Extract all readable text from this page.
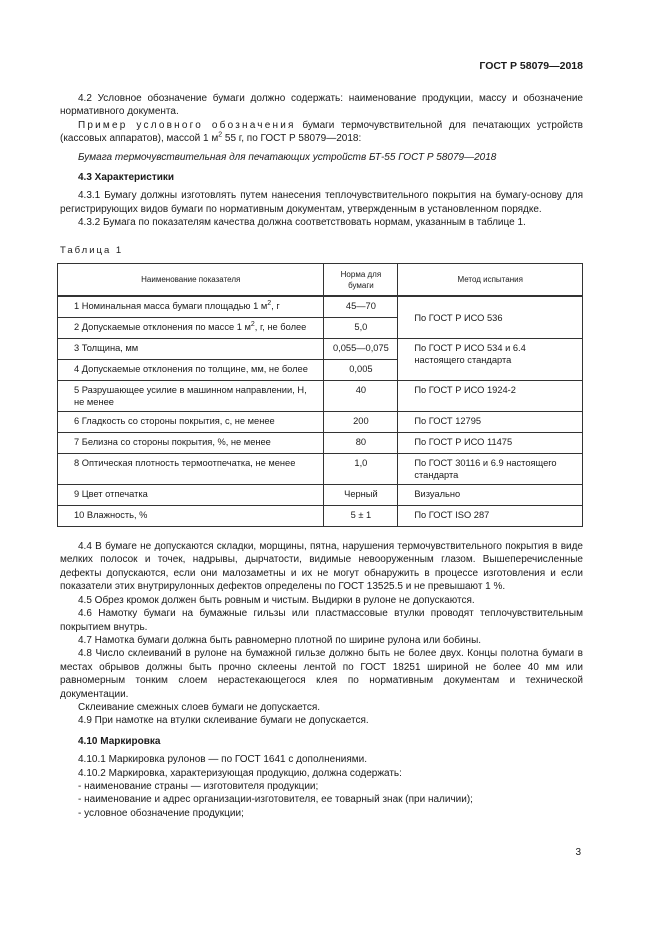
ГОСТ Р 58079—2018

4.2 Условное обозначение бумаги должно содержать: наименование продукции, массу и обозначение нормативного документа.

Пример условного обозначения бумаги термочувствительной для печатающих устройств (кассовых аппаратов), массой 1 $м^2$ 55 г, по ГОСТ Р 58079—2018:

Бумага термочувствительная для печатающих устройств БТ-55 ГОСТ Р 58079—2018

4.3 Характеристики

4.3.1 Бумагу должны изготовлять путем нанесения теплочувствительного покрытия на бумагу-основу для регистрирующих видов бумаги по нормативным документам, утвержденным в установленном порядке.

4.3.2 Бумага по показателям качества должна соответствовать нормам, указанным в таблице 1.

Таблица 1
Наименование показателя	Норма для бумаги	Метод испытания
1 Номинальная масса бумаги площадью 1 $м^2$, г	45—70	По ГОСТ Р ИСО 536
2 Допускаемые отклонения по массе 1 $м^2$, г, не более	5,0	
3 Толщина, мм	0,055—0,075	По ГОСТ Р ИСО 534 и 6.4 настоящего стандарта
4 Допускаемые отклонения по толщине, мм, не более	0,005	
5 Разрушающее усилие в машинном направлении, Н, не менее	40	По ГОСТ Р ИСО 1924-2
6 Гладкость со стороны покрытия, с, не менее	200	По ГОСТ 12795
7 Белизна со стороны покрытия, %, не менее	80	По ГОСТ Р ИСО 11475
8 Оптическая плотность термоотпечатка, не менее	1,0	По ГОСТ 30116 и 6.9 настоящего стандарта
9 Цвет отпечатка	Черный	Визуально
10 Влажность, %	5 ± 1	По ГОСТ ISO 287

4.4 В бумаге не допускаются складки, морщины, пятна, нарушения термочувствительного покрытия в виде мелких полосок и точек, надрывы, дырчатости, видимые невооруженным глазом. Вышеперечисленные дефекты допускаются, если они малозаметны и их не могут обнаружить в процессе изготовления и если показатели этих внутрирулонных дефектов определены по ГОСТ 13525.5 и не превышают 1 %.

4.5 Обрез кромок должен быть ровным и чистым. Выдирки в рулоне не допускаются.

4.6 Намотку бумаги на бумажные гильзы или пластмассовые втулки проводят теплочувствительным покрытием внутрь.

4.7 Намотка бумаги должна быть равномерно плотной по ширине рулона или бобины.

4.8 Число склеиваний в рулоне на бумажной гильзе должно быть не более двух. Концы полотна бумаги в местах обрывов должны быть прочно склеены лентой по ГОСТ 18251 шириной не более 40 мм или равномерным тонким слоем нерастекающегося клея по нормативным документам и технической документации.

Склеивание смежных слоев бумаги не допускается.

4.9 При намотке на втулки склеивание бумаги не допускается.

4.10 Маркировка

4.10.1 Маркировка рулонов — по ГОСТ 1641 с дополнениями.

4.10.2 Маркировка, характеризующая продукцию, должна содержать:

- наименование страны — изготовителя продукции;

- наименование и адрес организации-изготовителя, ее товарный знак (при наличии);

- условное обозначение продукции;

3
